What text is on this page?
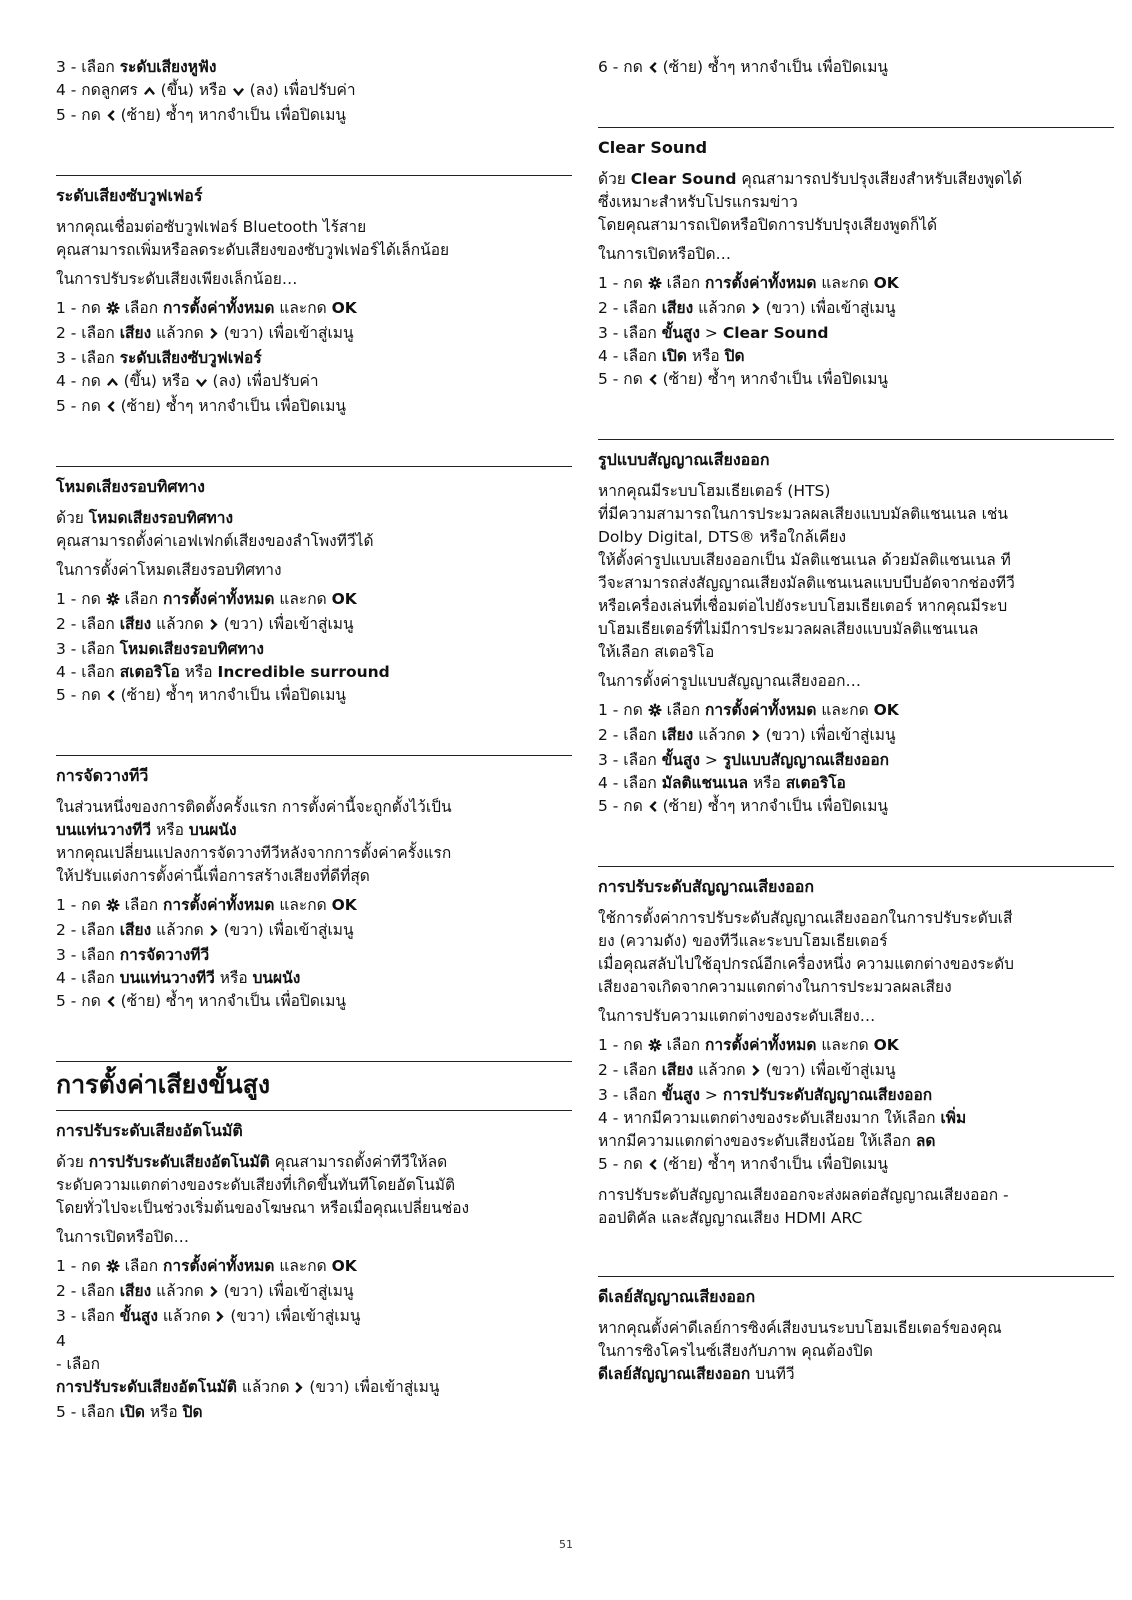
3 - เลือก ระดับเสียงหูฟัง
4 - กดลูกศร  (ขึ้น) หรือ  (ลง) เพื่อปรับค่า
5 - กด  (ซ้าย) ซ้ำๆ หากจำเป็น เพื่อปิดเมนู
ระดับเสียงซับวูฟเฟอร์

หากคุณเชื่อมต่อซับวูฟเฟอร์ Bluetooth ไร้สาย
คุณสามารถเพิ่มหรือลดระดับเสียงของซับวูฟเฟอร์ได้เล็กน้อย

ในการปรับระดับเสียงเพียงเล็กน้อย…

1 - กด  เลือก การตั้งค่าทั้งหมด และกด OK
2 - เลือก เสียง แล้วกด  (ขวา) เพื่อเข้าสู่เมนู
3 - เลือก ระดับเสียงซับวูฟเฟอร์
4 - กด  (ขึ้น) หรือ  (ลง) เพื่อปรับค่า
5 - กด  (ซ้าย) ซ้ำๆ หากจำเป็น เพื่อปิดเมนู
โหมดเสียงรอบทิศทาง

ด้วย โหมดเสียงรอบทิศทาง
คุณสามารถตั้งค่าเอฟเฟกต์เสียงของลำโพงทีวีได้

ในการตั้งค่าโหมดเสียงรอบทิศทาง

1 - กด  เลือก การตั้งค่าทั้งหมด และกด OK
2 - เลือก เสียง แล้วกด  (ขวา) เพื่อเข้าสู่เมนู
3 - เลือก โหมดเสียงรอบทิศทาง
4 - เลือก สเตอริโอ หรือ Incredible surround
5 - กด  (ซ้าย) ซ้ำๆ หากจำเป็น เพื่อปิดเมนู
การจัดวางทีวี

ในส่วนหนึ่งของการติดตั้งครั้งแรก การตั้งค่านี้จะถูกตั้งไว้เป็น
บนแท่นวางทีวี หรือ บนผนัง
หากคุณเปลี่ยนแปลงการจัดวางทีวีหลังจากการตั้งค่าครั้งแรก
ให้ปรับแต่งการตั้งค่านี้เพื่อการสร้างเสียงที่ดีที่สุด

1 - กด  เลือก การตั้งค่าทั้งหมด และกด OK
2 - เลือก เสียง แล้วกด  (ขวา) เพื่อเข้าสู่เมนู
3 - เลือก การจัดวางทีวี
4 - เลือก บนแท่นวางทีวี หรือ บนผนัง
5 - กด  (ซ้าย) ซ้ำๆ หากจำเป็น เพื่อปิดเมนู
การตั้งค่าเสียงขั้นสูง
การปรับระดับเสียงอัตโนมัติ

ด้วย การปรับระดับเสียงอัตโนมัติ คุณสามารถตั้งค่าทีวีให้ลด
ระดับความแตกต่างของระดับเสียงที่เกิดขึ้นทันทีโดยอัตโนมัติ
โดยทั่วไปจะเป็นช่วงเริ่มต้นของโฆษณา หรือเมื่อคุณเปลี่ยนช่อง

ในการเปิดหรือปิด…

1 - กด  เลือก การตั้งค่าทั้งหมด และกด OK
2 - เลือก เสียง แล้วกด  (ขวา) เพื่อเข้าสู่เมนู
3 - เลือก ขั้นสูง แล้วกด  (ขวา) เพื่อเข้าสู่เมนู
4
- เลือก
การปรับระดับเสียงอัตโนมัติ แล้วกด  (ขวา) เพื่อเข้าสู่เมนู
5 - เลือก เปิด หรือ ปิด
6 - กด  (ซ้าย) ซ้ำๆ หากจำเป็น เพื่อปิดเมนู
Clear Sound

ด้วย Clear Sound คุณสามารถปรับปรุงเสียงสำหรับเสียงพูดได้
ซึ่งเหมาะสำหรับโปรแกรมข่าว
โดยคุณสามารถเปิดหรือปิดการปรับปรุงเสียงพูดก็ได้

ในการเปิดหรือปิด…

1 - กด  เลือก การตั้งค่าทั้งหมด และกด OK
2 - เลือก เสียง แล้วกด  (ขวา) เพื่อเข้าสู่เมนู
3 - เลือก ขั้นสูง > Clear Sound
4 - เลือก เปิด หรือ ปิด
5 - กด  (ซ้าย) ซ้ำๆ หากจำเป็น เพื่อปิดเมนู
รูปแบบสัญญาณเสียงออก

หากคุณมีระบบโฮมเธียเตอร์ (HTS)
ที่มีความสามารถในการประมวลผลเสียงแบบมัลติแชนเนล เช่น
Dolby Digital, DTS® หรือใกล้เคียง
ให้ตั้งค่ารูปแบบเสียงออกเป็น มัลติแชนเนล ด้วยมัลติแชนเนล ที
วีจะสามารถส่งสัญญาณเสียงมัลติแชนเนลแบบบีบอัดจากช่องทีวี
หรือเครื่องเล่นที่เชื่อมต่อไปยังระบบโฮมเธียเตอร์ หากคุณมีระบ
บโฮมเธียเตอร์ที่ไม่มีการประมวลผลเสียงแบบมัลติแชนเนล
ให้เลือก สเตอริโอ

ในการตั้งค่ารูปแบบสัญญาณเสียงออก…

1 - กด  เลือก การตั้งค่าทั้งหมด และกด OK
2 - เลือก เสียง แล้วกด  (ขวา) เพื่อเข้าสู่เมนู
3 - เลือก ขั้นสูง > รูปแบบสัญญาณเสียงออก
4 - เลือก มัลติแชนเนล หรือ สเตอริโอ
5 - กด  (ซ้าย) ซ้ำๆ หากจำเป็น เพื่อปิดเมนู
การปรับระดับสัญญาณเสียงออก

ใช้การตั้งค่าการปรับระดับสัญญาณเสียงออกในการปรับระดับเสี
ยง (ความดัง) ของทีวีและระบบโฮมเธียเตอร์
เมื่อคุณสลับไปใช้อุปกรณ์อีกเครื่องหนึ่ง ความแตกต่างของระดับ
เสียงอาจเกิดจากความแตกต่างในการประมวลผลเสียง

ในการปรับความแตกต่างของระดับเสียง…

1 - กด  เลือก การตั้งค่าทั้งหมด และกด OK
2 - เลือก เสียง แล้วกด  (ขวา) เพื่อเข้าสู่เมนู
3 - เลือก ขั้นสูง > การปรับระดับสัญญาณเสียงออก
4 - หากมีความแตกต่างของระดับเสียงมาก ให้เลือก เพิ่ม
หากมีความแตกต่างของระดับเสียงน้อย ให้เลือก ลด
5 - กด  (ซ้าย) ซ้ำๆ หากจำเป็น เพื่อปิดเมนู

การปรับระดับสัญญาณเสียงออกจะส่งผลต่อสัญญาณเสียงออก -
ออปติคัล และสัญญาณเสียง HDMI ARC

ดีเลย์สัญญาณเสียงออก

หากคุณตั้งค่าดีเลย์การซิงค์เสียงบนระบบโฮมเธียเตอร์ของคุณ
ในการซิงโครไนซ์เสียงกับภาพ คุณต้องปิด
ดีเลย์สัญญาณเสียงออก บนทีวี

51
